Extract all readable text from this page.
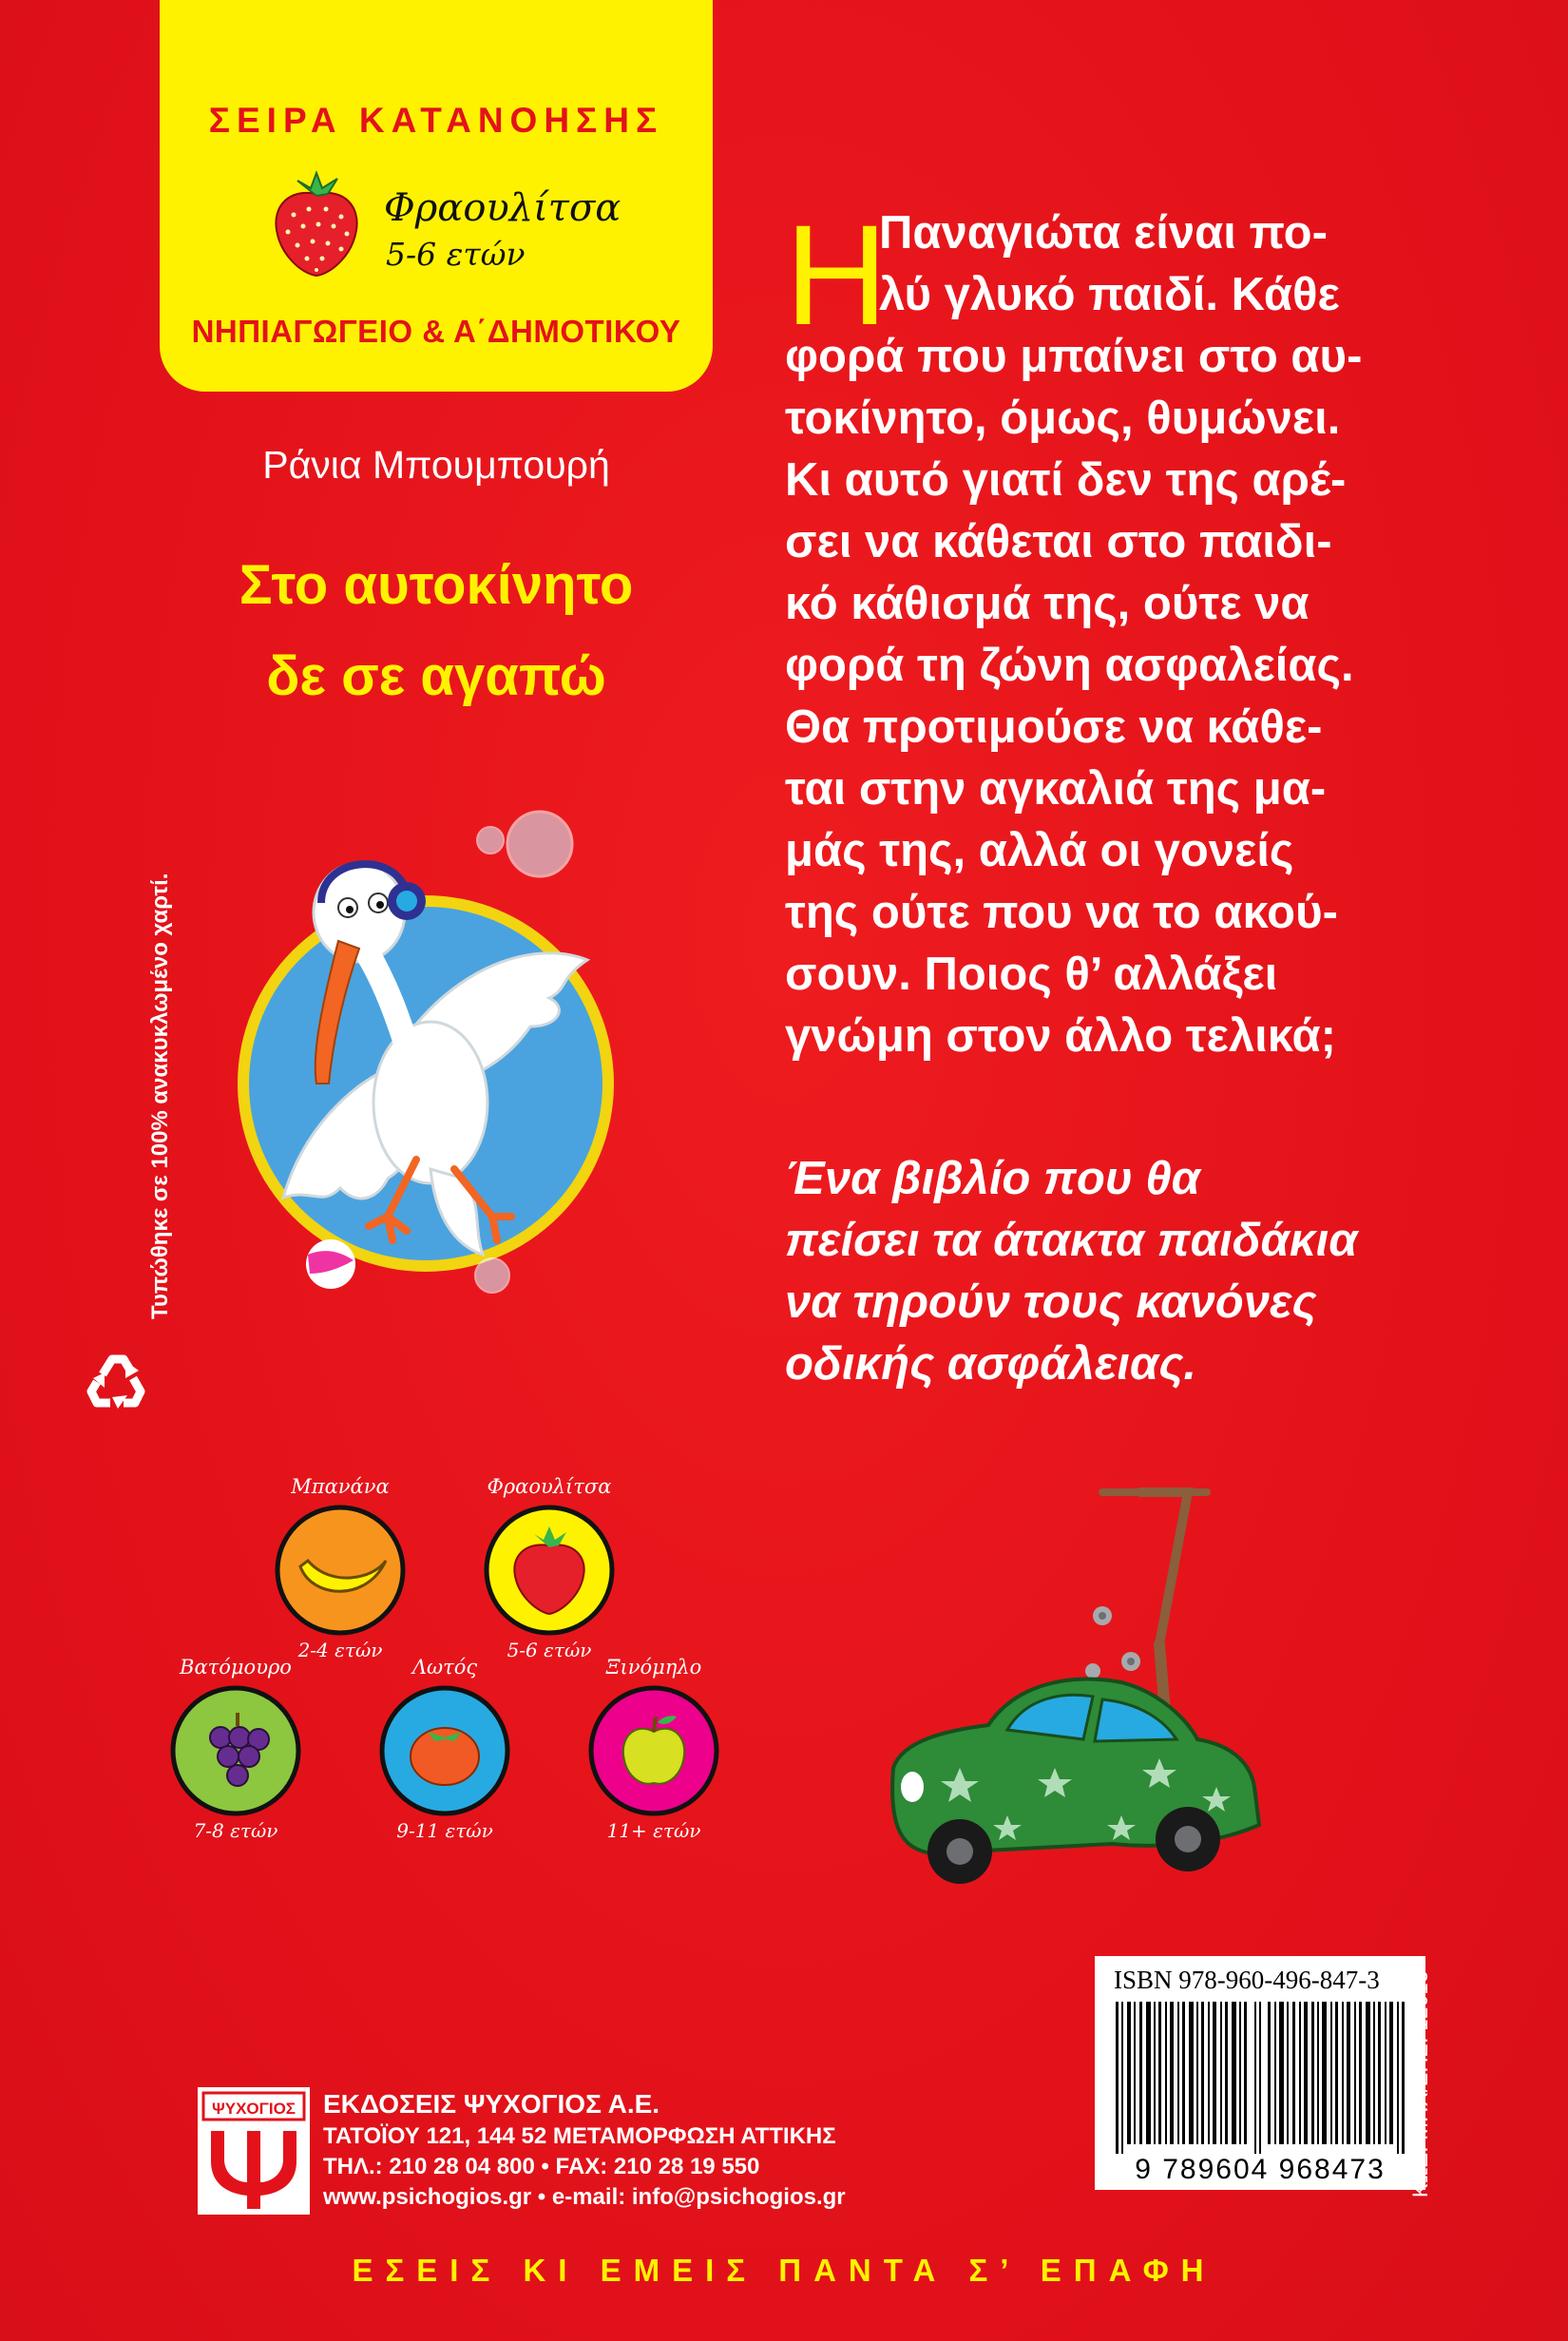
ΣΕΙΡΑ ΚΑΤΑΝΟΗΣΗΣ
Φραουλίτσα
5-6 ετών
ΝΗΠΙΑΓΩΓΕΙΟ & Α΄ΔΗΜΟΤΙΚΟΥ
Ράνια Μπουμπουρή
Στο αυτοκίνητο
δε σε αγαπώ
Τυπώθηκε σε 100% ανακυκλωμένο χαρτί.
Μπανάνα
2-4 ετών
Φραουλίτσα
5-6 ετών
Βατόμουρο
7-8 ετών
Λωτός
9-11 ετών
Ξινόμηλο
11+ ετών
Η
Παναγιώτα είναι πο-
λύ γλυκό παιδί. Κάθε
φορά που μπαίνει στο αυ-
τοκίνητο, όμως, θυμώνει.
Κι αυτό γιατί δεν της αρέ-
σει να κάθεται στο παιδι-
κό κάθισμά της, ούτε να
φορά τη ζώνη ασφαλείας.
Θα προτιμούσε να κάθε-
ται στην αγκαλιά της μα-
μάς της, αλλά οι γονείς
της ούτε που να το ακού-
σουν. Ποιος θ’ αλλάξει
γνώμη στον άλλο τελικά;
Ένα βιβλίο που θα
πείσει τα άτακτα παιδάκια
να τηρούν τους κανόνες
οδικής ασφάλειας.
ISBN 978-960-496-847-3
9 789604 968473	ΚΩΔ. ΜΗΧ/ΣΗΣ: 12013
ΨΥΧΟΓΙΟΣ ΕΚΔΟΣΕΙΣ ΨΥΧΟΓΙΟΣ Α.Ε.
ΤΑΤΟΪΟΥ 121, 144 52 ΜΕΤΑΜΟΡΦΩΣΗ ΑΤΤΙΚΗΣ
ΤΗΛ.: 210 28 04 800 • FAX: 210 28 19 550
www.psichogios.gr • e-mail: info@psichogios.gr
ΕΣΕΙΣ ΚΙ ΕΜΕΙΣ ΠΑΝΤΑ Σ’ ΕΠΑΦΗ
